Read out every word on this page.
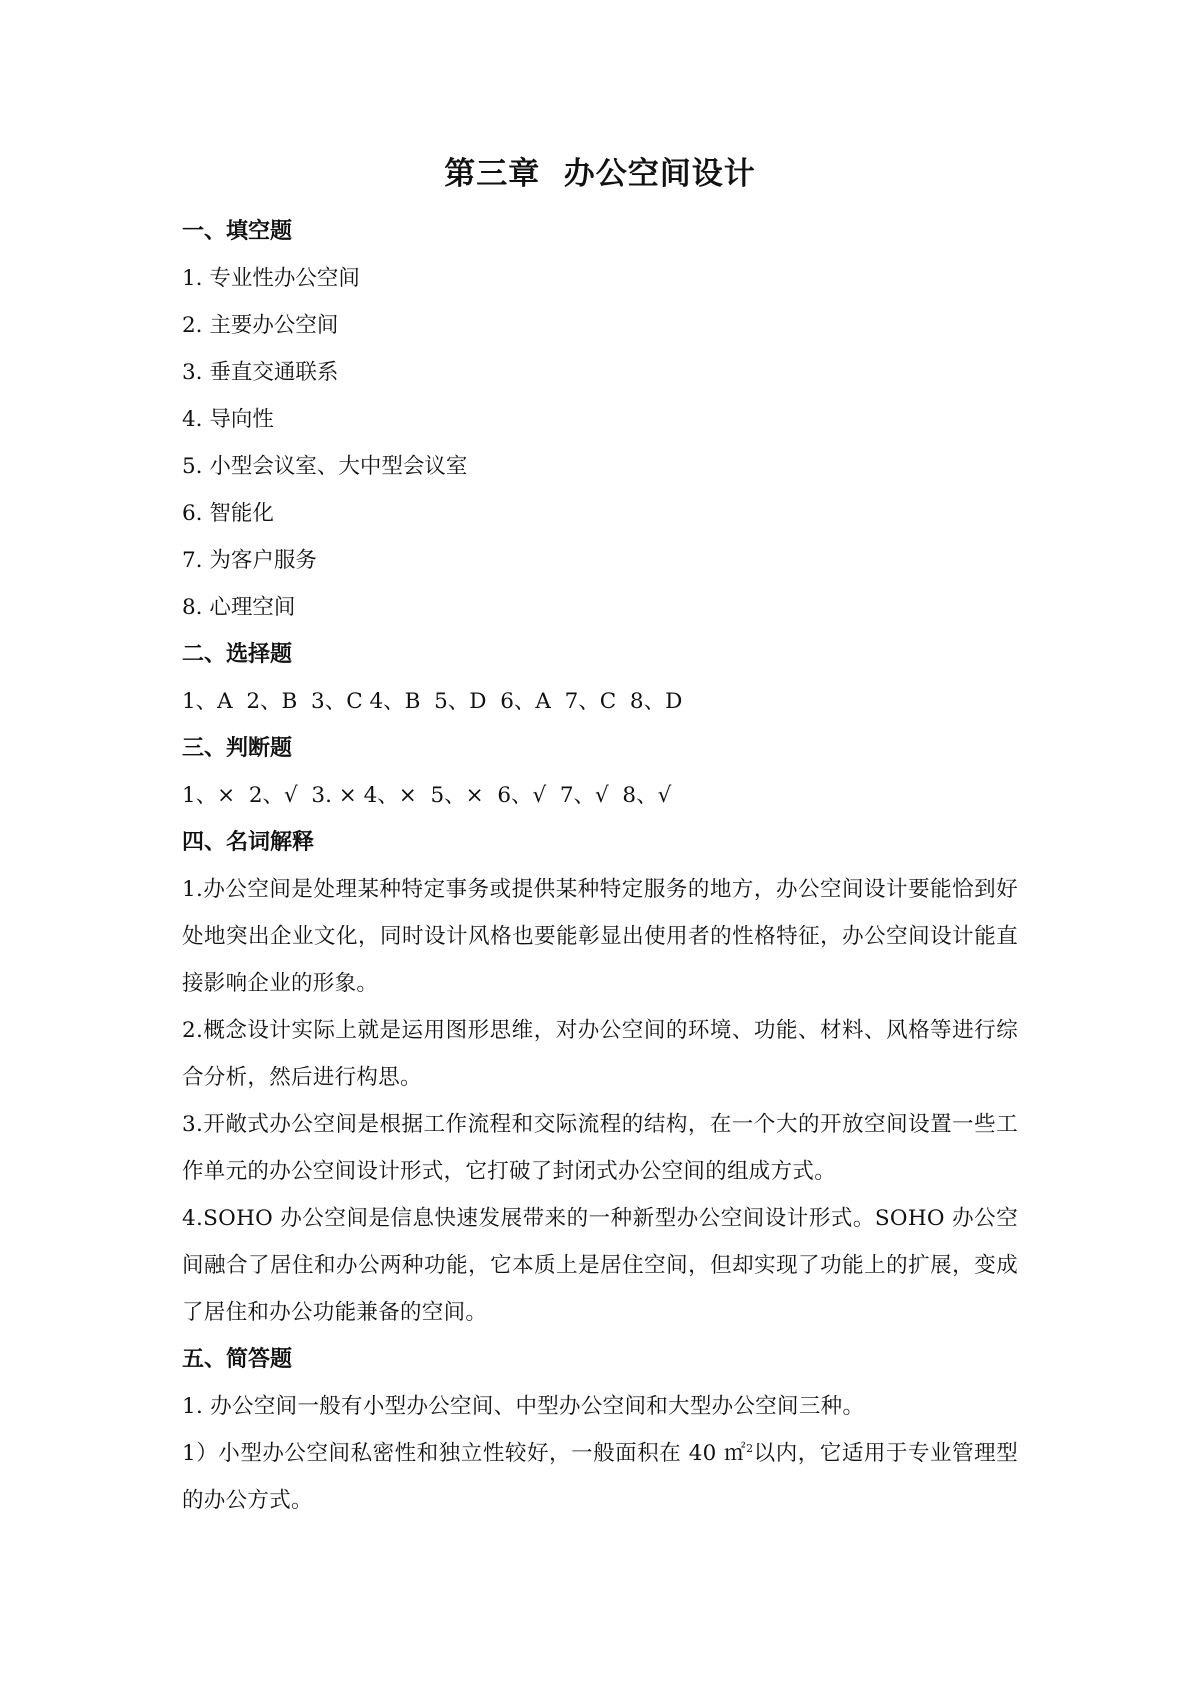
第三章  办公空间设计
一、填空题

1. 专业性办公空间

2. 主要办公空间

3. 垂直交通联系

4. 导向性

5. 小型会议室、大中型会议室

6. 智能化

7. 为客户服务

8. 心理空间

二、选择题

1、A  2、B  3、C 4、B  5、D  6、A  7、C  8、D

三、判断题

1、×  2、√  3. × 4、×  5、×  6、√  7、√  8、√

四、名词解释

1.办公空间是处理某种特定事务或提供某种特定服务的地方，办公空间设计要能恰到好处地突出企业文化，同时设计风格也要能彰显出使用者的性格特征，办公空间设计能直接影响企业的形象。

2.概念设计实际上就是运用图形思维，对办公空间的环境、功能、材料、风格等进行综合分析，然后进行构思。

3.开敞式办公空间是根据工作流程和交际流程的结构，在一个大的开放空间设置一些工作单元的办公空间设计形式，它打破了封闭式办公空间的组成方式。

4.SOHO 办公空间是信息快速发展带来的一种新型办公空间设计形式。SOHO 办公空间融合了居住和办公两种功能，它本质上是居住空间，但却实现了功能上的扩展，变成了居住和办公功能兼备的空间。

五、简答题

1. 办公空间一般有小型办公空间、中型办公空间和大型办公空间三种。

1）小型办公空间私密性和独立性较好，一般面积在 40 ㎡$^2$以内，它适用于专业管理型的办公方式。
